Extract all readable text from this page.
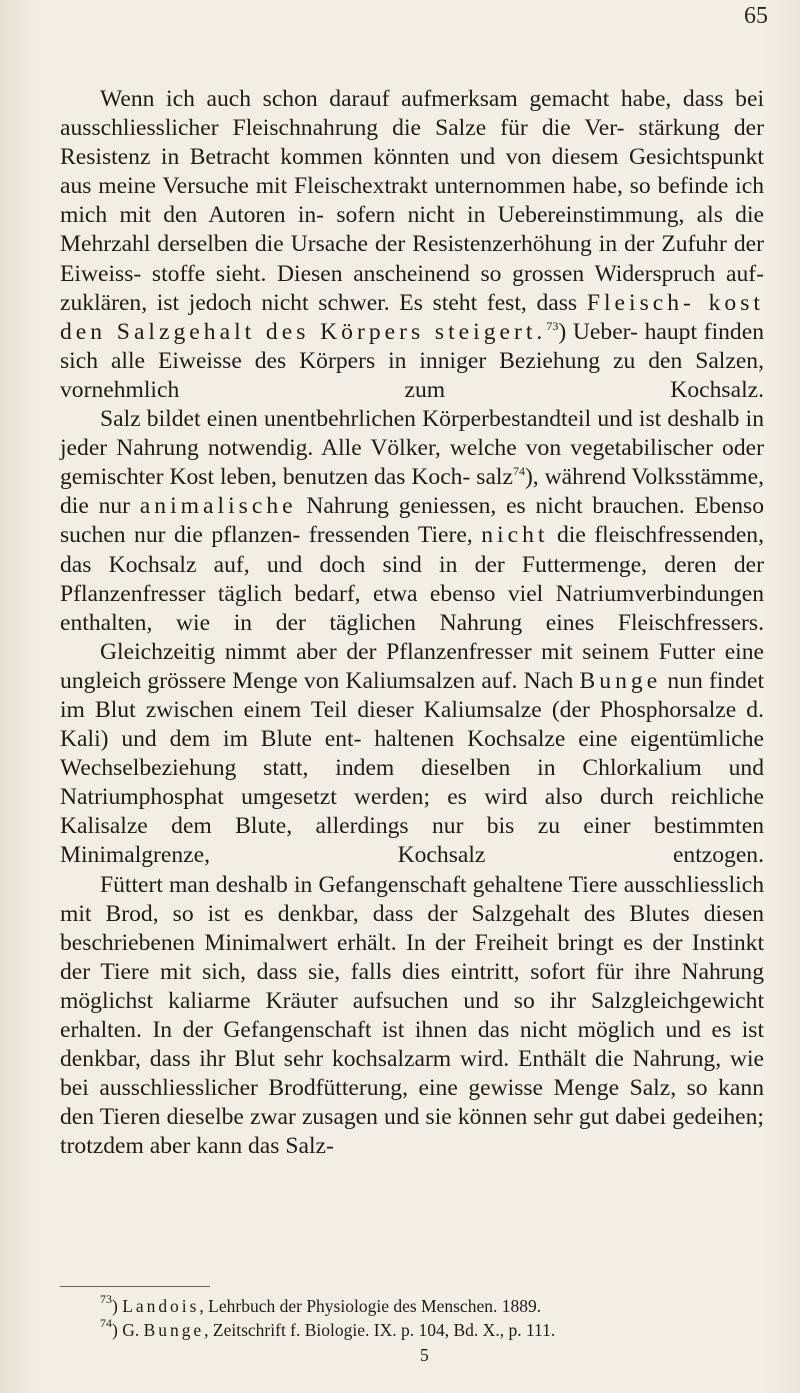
65

Wenn ich auch schon darauf aufmerksam gemacht habe, dass bei ausschliesslicher Fleischnahrung die Salze für die Ver- stärkung der Resistenz in Betracht kommen könnten und von diesem Gesichtspunkt aus meine Versuche mit Fleischextrakt unternommen habe, so befinde ich mich mit den Autoren in- sofern nicht in Uebereinstimmung, als die Mehrzahl derselben die Ursache der Resistenzerhöhung in der Zufuhr der Eiweiss- stoffe sieht. Diesen anscheinend so grossen Widerspruch auf- zuklären, ist jedoch nicht schwer. Es steht fest, dass Fleisch- kost den Salzgehalt des Körpers steigert.$^{73}$) Ueber- haupt finden sich alle Eiweisse des Körpers in inniger Beziehung zu den Salzen, vornehmlich zum Kochsalz.

Salz bildet einen unentbehrlichen Körperbestandteil und ist deshalb in jeder Nahrung notwendig. Alle Völker, welche von vegetabilischer oder gemischter Kost leben, benutzen das Koch- salz$^{74}$), während Volksstämme, die nur animalische Nahrung geniessen, es nicht brauchen. Ebenso suchen nur die pflanzen- fressenden Tiere, nicht die fleischfressenden, das Kochsalz auf, und doch sind in der Futtermenge, deren der Pflanzenfresser täglich bedarf, etwa ebenso viel Natriumverbindungen enthalten, wie in der täglichen Nahrung eines Fleischfressers.

Gleichzeitig nimmt aber der Pflanzenfresser mit seinem Futter eine ungleich grössere Menge von Kaliumsalzen auf. Nach Bunge nun findet im Blut zwischen einem Teil dieser Kaliumsalze (der Phosphorsalze d. Kali) und dem im Blute ent- haltenen Kochsalze eine eigentümliche Wechselbeziehung statt, indem dieselben in Chlorkalium und Natriumphosphat umgesetzt werden; es wird also durch reichliche Kalisalze dem Blute, allerdings nur bis zu einer bestimmten Minimalgrenze, Kochsalz entzogen.

Füttert man deshalb in Gefangenschaft gehaltene Tiere ausschliesslich mit Brod, so ist es denkbar, dass der Salzgehalt des Blutes diesen beschriebenen Minimalwert erhält. In der Freiheit bringt es der Instinkt der Tiere mit sich, dass sie, falls dies eintritt, sofort für ihre Nahrung möglichst kaliarme Kräuter aufsuchen und so ihr Salzgleichgewicht erhalten. In der Gefangenschaft ist ihnen das nicht möglich und es ist denkbar, dass ihr Blut sehr kochsalzarm wird. Enthält die Nahrung, wie bei ausschliesslicher Brodfütterung, eine gewisse Menge Salz, so kann den Tieren dieselbe zwar zusagen und sie können sehr gut dabei gedeihen; trotzdem aber kann das Salz-

$^{73}$) Landois, Lehrbuch der Physiologie des Menschen. 1889.

$^{74}$) G. Bunge, Zeitschrift f. Biologie. IX. p. 104, Bd. X., p. 111.

5
